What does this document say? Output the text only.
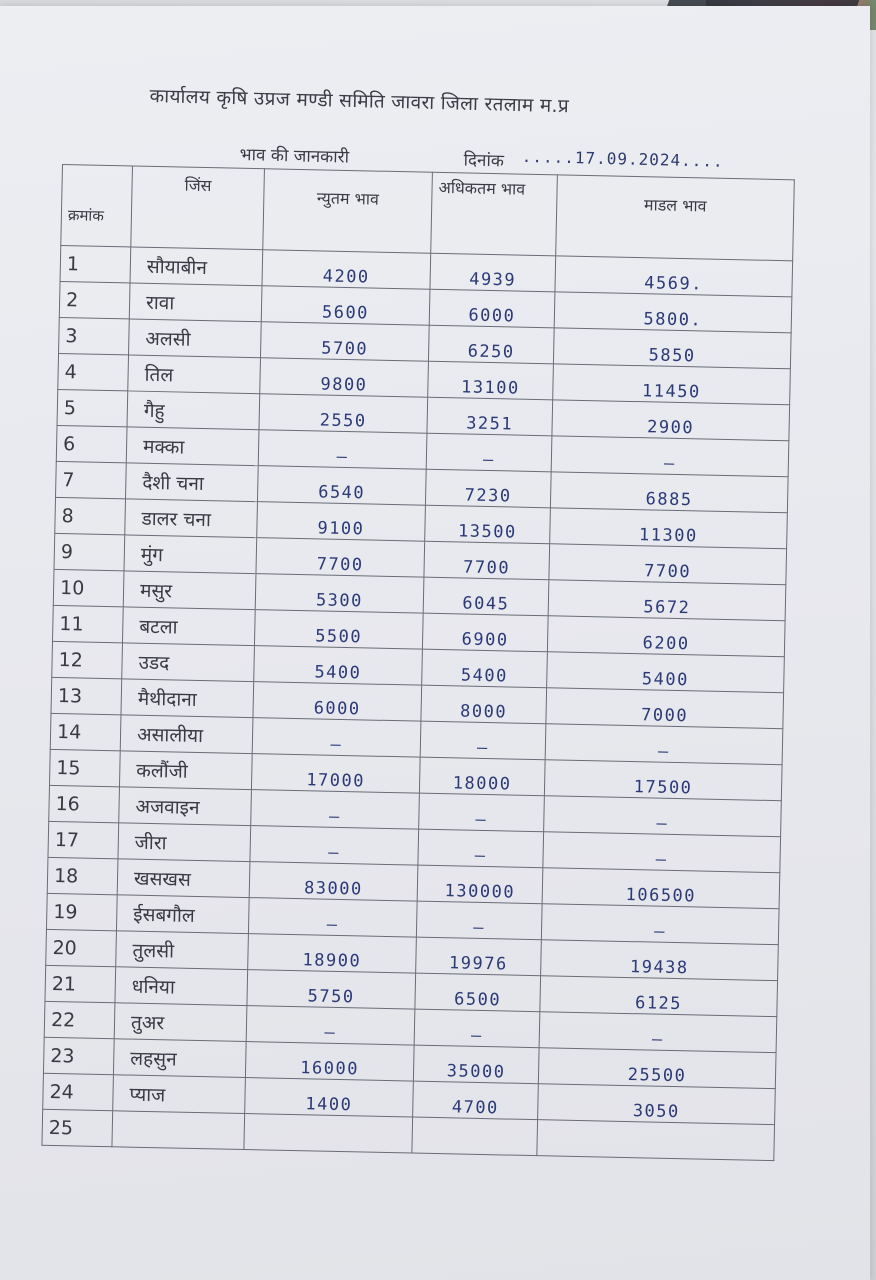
कार्यालय कृषि उप्रज मण्डी समिति जावरा जिला रतलाम म.प्र
भाव की जानकारी	दिनांक .....17.09.2024....
क्रमांक	जिंस	न्युतम भाव	अधिकतम भाव	माडल भाव
1	सौयाबीन	4200	4939	4569.
2	रावा	5600	6000	5800.
3	अलसी	5700	6250	5850
4	तिल	9800	13100	11450
5	गैहु	2550	3251	2900
6	मक्का	–	–	–
7	दैशी चना	6540	7230	6885
8	डालर चना	9100	13500	11300
9	मुंग	7700	7700	7700
10	मसुर	5300	6045	5672
11	बटला	5500	6900	6200
12	उडद	5400	5400	5400
13	मैथीदाना	6000	8000	7000
14	असालीया	–	–	–
15	कलौंजी	17000	18000	17500
16	अजवाइन	–	–	–
17	जीरा	–	–	–
18	खसखस	83000	130000	106500
19	ईसबगौल	–	–	–
20	तुलसी	18900	19976	19438
21	धनिया	5750	6500	6125
22	तुअर	–	–	–
23	लहसुन	16000	35000	25500
24	प्याज	1400	4700	3050
25				
